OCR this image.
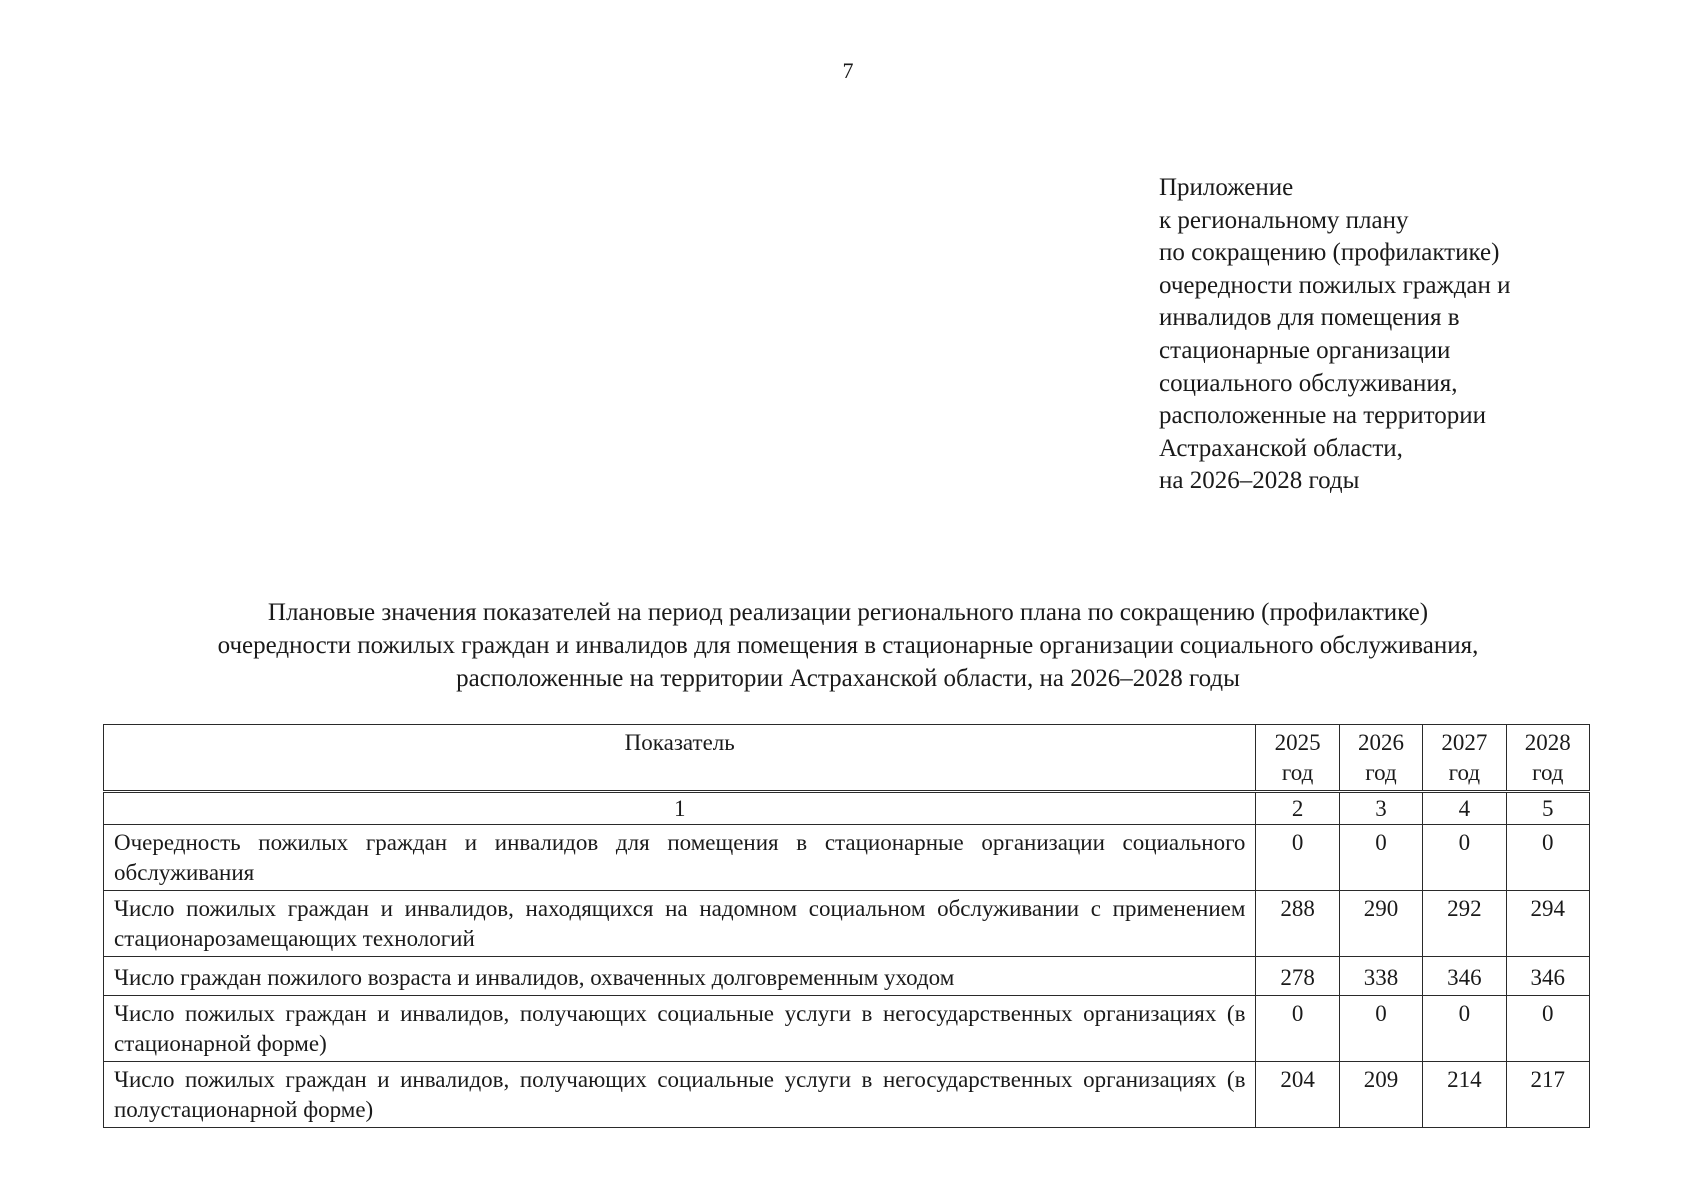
7
Приложение
к региональному плану
по сокращению (профилактике)
очередности пожилых граждан и
инвалидов для помещения в
стационарные организации
социального обслуживания,
расположенные на территории
Астраханской области,
на 2026–2028 годы
Плановые значения показателей на период реализации регионального плана по сокращению (профилактике)
очередности пожилых граждан и инвалидов для помещения в стационарные организации социального обслуживания,
расположенные на территории Астраханской области, на 2026–2028 годы
Показатель	2025 год	2026 год	2027 год	2028 год

1	2	3	4	5
Очередность пожилых граждан и инвалидов для помещения в стационарные организации социального обслуживания	0	0	0	0
Число пожилых граждан и инвалидов, находящихся на надомном социальном обслуживании с применением стационарозамещающих технологий	288	290	292	294
Число граждан пожилого возраста и инвалидов, охваченных долговременным уходом	278	338	346	346
Число пожилых граждан и инвалидов, получающих социальные услуги в негосударственных организациях (в стационарной форме)	0	0	0	0
Число пожилых граждан и инвалидов, получающих социальные услуги в негосударственных организациях (в полустационарной форме)	204	209	214	217
